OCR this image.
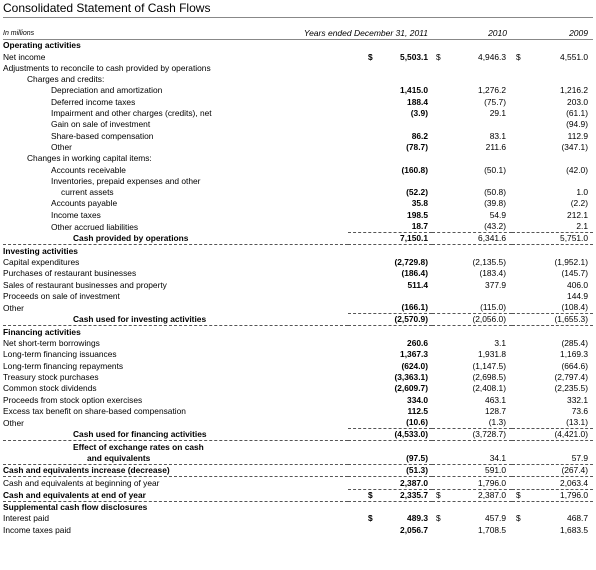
Consolidated Statement of Cash Flows
In millions	Years ended December 31, 2011	2010	2009
Operating activities			
Net income	$ 5,503.1	$ 4,946.3	$ 4,551.0

Adjustments to reconcile to cash provided by operations			
Charges and credits:			
Depreciation and amortization	1,415.0	1,276.2	1,216.2
Deferred income taxes	188.4	(75.7)	203.0
Impairment and other charges (credits), net	(3.9)	29.1	(61.1)
Gain on sale of investment			(94.9)
Share-based compensation	86.2	83.1	112.9
Other	(78.7)	211.6	(347.1)
Changes in working capital items:			
Accounts receivable	(160.8)	(50.1)	(42.0)
Inventories, prepaid expenses and other			
current assets	(52.2)	(50.8)	1.0
Accounts payable	35.8	(39.8)	(2.2)
Income taxes	198.5	54.9	212.1
Other accrued liabilities	18.7	(43.2)	2.1
Cash provided by operations	7,150.1	6,341.6	5,751.0
Investing activities			
Capital expenditures	(2,729.8)	(2,135.5)	(1,952.1)
Purchases of restaurant businesses	(186.4)	(183.4)	(145.7)
Sales of restaurant businesses and property	511.4	377.9	406.0
Proceeds on sale of investment			144.9
Other	(166.1)	(115.0)	(108.4)
Cash used for investing activities	(2,570.9)	(2,056.0)	(1,655.3)
Financing activities			
Net short-term borrowings	260.6	3.1	(285.4)
Long-term financing issuances	1,367.3	1,931.8	1,169.3
Long-term financing repayments	(624.0)	(1,147.5)	(664.6)
Treasury stock purchases	(3,363.1)	(2,698.5)	(2,797.4)
Common stock dividends	(2,609.7)	(2,408.1)	(2,235.5)
Proceeds from stock option exercises	334.0	463.1	332.1
Excess tax benefit on share-based compensation	112.5	128.7	73.6
Other	(10.6)	(1.3)	(13.1)
Cash used for financing activities	(4,533.0)	(3,728.7)	(4,421.0)
Effect of exchange rates on cash			
and equivalents	(97.5)	34.1	57.9
Cash and equivalents increase (decrease)	(51.3)	591.0	(267.4)
Cash and equivalents at beginning of year	2,387.0	1,796.0	2,063.4
Cash and equivalents at end of year	$ 2,335.7	$ 2,387.0	$ 1,796.0

Supplemental cash flow disclosures			
Interest paid	$ 489.3	$ 457.9	$ 468.7

Income taxes paid	2,056.7	1,708.5	1,683.5
